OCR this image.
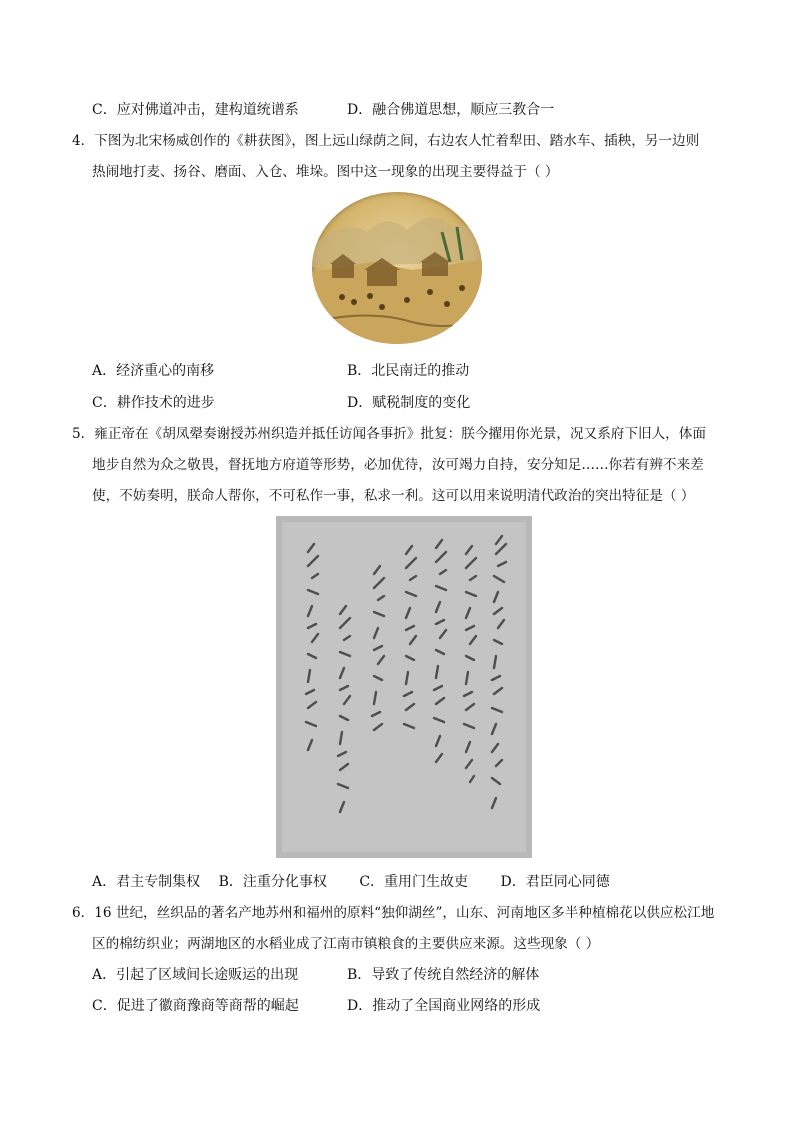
C．应对佛道冲击，建构道统谱系	D．融合佛道思想，顺应三教合一
4．下图为北宋杨威创作的《耕获图》，图上远山绿荫之间，右边农人忙着犁田、踏水车、插秧，另一边则
热闹地打麦、扬谷、磨面、入仓、堆垛。图中这一现象的出现主要得益于（ ）
A．经济重心的南移	B．北民南迁的推动
C．耕作技术的进步	D．赋税制度的变化
5．雍正帝在《胡凤翚奏谢授苏州织造并抵任访闻各事折》批复：朕今擢用你光景，况又系府下旧人，体面
地步自然为众之敬畏，督抚地方府道等形势，必加优待，汝可竭力自持，安分知足……你若有辨不来差
使，不妨奏明，朕命人帮你，不可私作一事，私求一利。这可以用来说明清代政治的突出特征是（ ）
A．君主专制集权 B．注重分化事权 C．重用门生故吏 D．君臣同心同德
6．16 世纪，丝织品的著名产地苏州和福州的原料“独仰湖丝”，山东、河南地区多半种植棉花以供应松江地
区的棉纺织业；两湖地区的水稻业成了江南市镇粮食的主要供应来源。这些现象（ ）
A．引起了区域间长途贩运的出现	B．导致了传统自然经济的解体
C．促进了徽商豫商等商帮的崛起	D．推动了全国商业网络的形成
